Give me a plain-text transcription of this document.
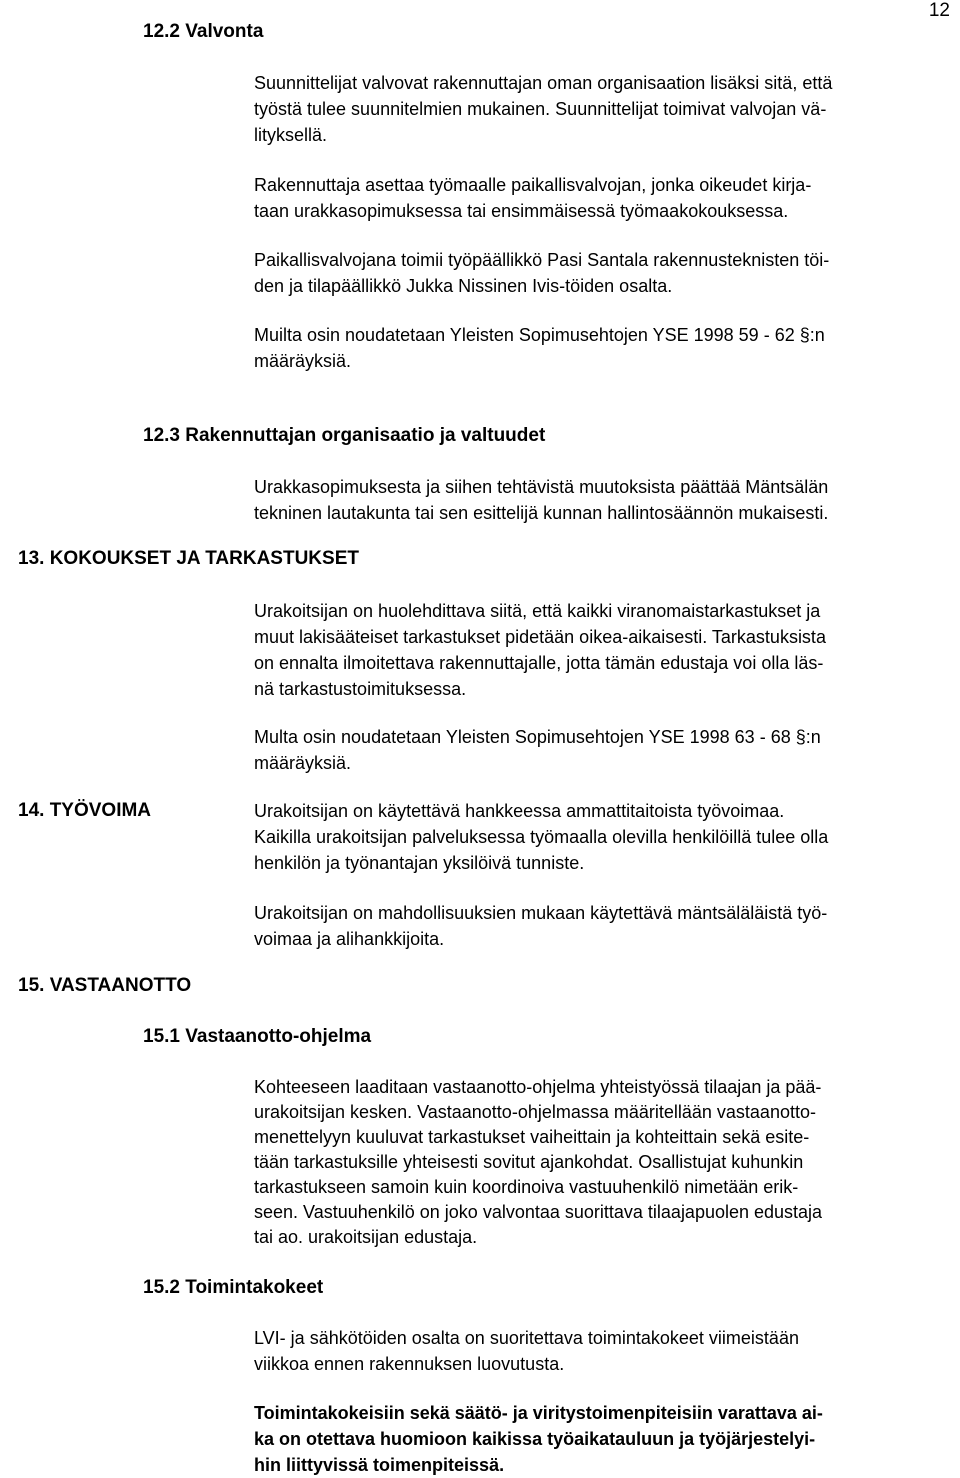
12
12.2 Valvonta
12.3 Rakennuttajan organisaatio ja valtuudet
13. KOKOUKSET JA TARKASTUKSET
14. TYÖVOIMA
15. VASTAANOTTO
15.1 Vastaanotto-ohjelma
15.2 Toimintakokeet
Suunnittelijat valvovat rakennuttajan oman organisaation lisäksi sitä, että
työstä tulee suunnitelmien mukainen. Suunnittelijat toimivat valvojan vä-
lityksellä.
Rakennuttaja asettaa työmaalle paikallisvalvojan, jonka oikeudet kirja-
taan urakkasopimuksessa tai ensimmäisessä työmaakokouksessa.
Paikallisvalvojana toimii työpäällikkö Pasi Santala rakennusteknisten töi-
den ja tilapäällikkö Jukka Nissinen Ivis-töiden osalta.
Muilta osin noudatetaan Yleisten Sopimusehtojen YSE 1998 59 - 62 §:n
määräyksiä.
Urakkasopimuksesta ja siihen tehtävistä muutoksista päättää Mäntsälän
tekninen lautakunta tai sen esittelijä kunnan hallintosäännön mukaisesti.
Urakoitsijan on huolehdittava siitä, että kaikki viranomaistarkastukset ja
muut lakisääteiset tarkastukset pidetään oikea-aikaisesti. Tarkastuksista
on ennalta ilmoitettava rakennuttajalle, jotta tämän edustaja voi olla läs-
nä tarkastustoimituksessa.
Multa osin noudatetaan Yleisten Sopimusehtojen YSE 1998 63 - 68 §:n
määräyksiä.
Urakoitsijan on käytettävä hankkeessa ammattitaitoista työvoimaa.
Kaikilla urakoitsijan palveluksessa työmaalla olevilla henkilöillä tulee olla
henkilön ja työnantajan yksilöivä tunniste.
Urakoitsijan on mahdollisuuksien mukaan käytettävä mäntsäläläistä työ-
voimaa ja alihankkijoita.
Kohteeseen laaditaan vastaanotto-ohjelma yhteistyössä tilaajan ja pää-
urakoitsijan kesken. Vastaanotto-ohjelmassa määritellään vastaanotto-
menettelyyn kuuluvat tarkastukset vaiheittain ja kohteittain sekä esite-
tään tarkastuksille yhteisesti sovitut ajankohdat. Osallistujat kuhunkin
tarkastukseen samoin kuin koordinoiva vastuuhenkilö nimetään erik-
seen. Vastuuhenkilö on joko valvontaa suorittava tilaajapuolen edustaja
tai ao. urakoitsijan edustaja.
LVI- ja sähkötöiden osalta on suoritettava toimintakokeet viimeistään
viikkoa ennen rakennuksen luovutusta.
Toimintakokeisiin sekä säätö- ja viritystoimenpiteisiin varattava ai-
ka on otettava huomioon kaikissa työaikatauluun ja työjärjestelyi-
hin liittyvissä toimenpiteissä.
